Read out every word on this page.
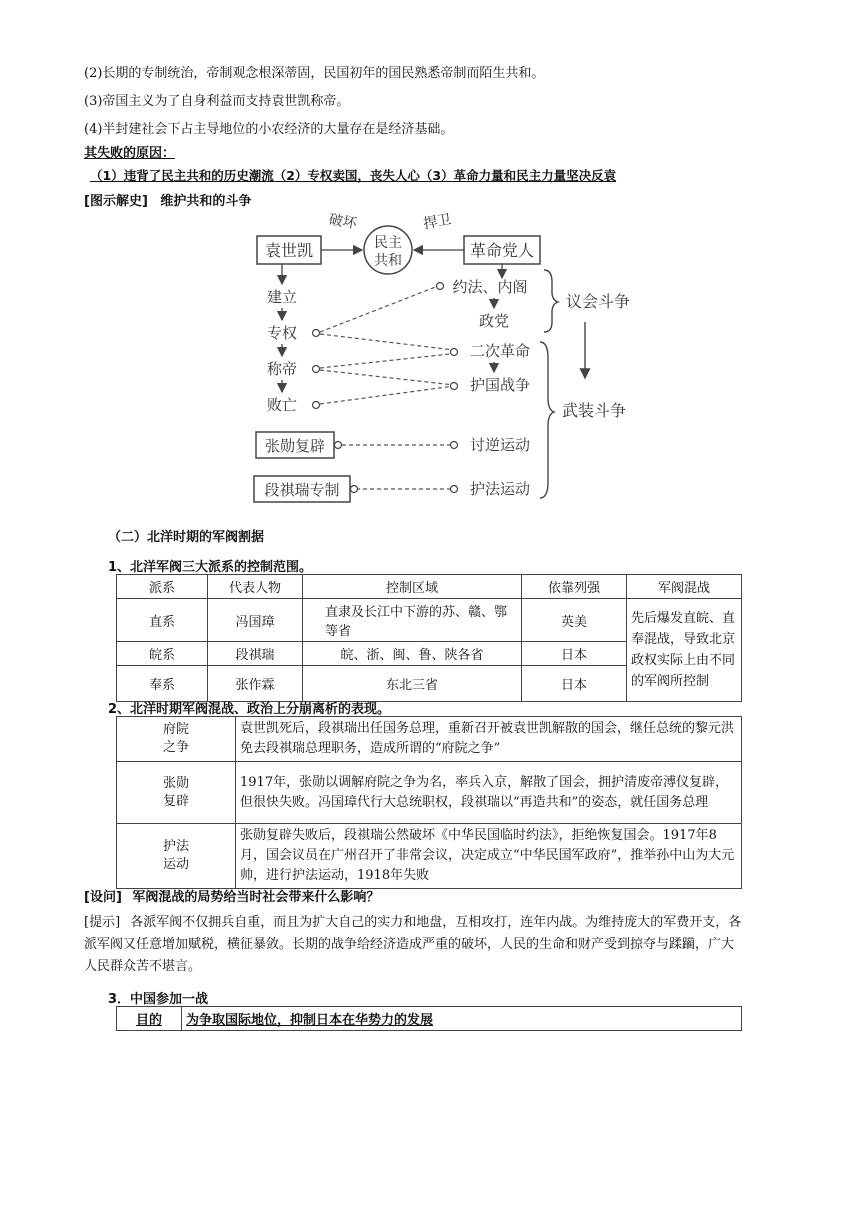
(2)长期的专制统治，帝制观念根深蒂固，民国初年的国民熟悉帝制而陌生共和。
(3)帝国主义为了自身利益而支持袁世凯称帝。
(4)半封建社会下占主导地位的小农经济的大量存在是经济基础。
其失败的原因：
（1）违背了民主共和的历史潮流（2）专权卖国，丧失人心（3）革命力量和民主力量坚决反袁
[图示解史] 维护共和的斗争
袁世凯	民主
共和
革命党人
破坏	捍卫
建立
专权
称帝
败亡
张勋复辟
段祺瑞专制
约法、内阁
政党
二次革命
护国战争
讨逆运动
护法运动
议会斗争
武装斗争
（二）北洋时期的军阀割据
1、北洋军阀三大派系的控制范围。
派系	代表人物	控制区域	依靠列强	军阀混战
直系	冯国璋	直隶及长江中下游的苏、赣、鄂等省	英美	先后爆发直皖、直奉混战，导致北京政权实际上由不同的军阀所控制
皖系	段祺瑞	皖、浙、闽、鲁、陕各省	日本	
奉系	张作霖	东北三省	日本	
2、北洋时期军阀混战、政治上分崩离析的表现。
府院
之争	袁世凯死后，段祺瑞出任国务总理，重新召开被袁世凯解散的国会，继任总统的黎元洪免去段祺瑞总理职务，造成所谓的“府院之争”
张勋
复辟	1917年，张勋以调解府院之争为名，率兵入京，解散了国会，拥护清废帝溥仪复辟，但很快失败。冯国璋代行大总统职权，段祺瑞以“再造共和”的姿态，就任国务总理
护法
运动	张勋复辟失败后，段祺瑞公然破坏《中华民国临时约法》，拒绝恢复国会。1917年8月，国会议员在广州召开了非常会议，决定成立“中华民国军政府”，推举孙中山为大元帅，进行护法运动，1918年失败
[设问] 军阀混战的局势给当时社会带来什么影响？
[提示] 各派军阀不仅拥兵自重，而且为扩大自己的实力和地盘，互相攻打，连年内战。为维持庞大的军费开支，各派军阀又任意增加赋税，横征暴敛。长期的战争给经济造成严重的破坏，人民的生命和财产受到掠夺与蹂躏，广大人民群众苦不堪言。
3．中国参加一战
目的	为争取国际地位，抑制日本在华势力的发展
